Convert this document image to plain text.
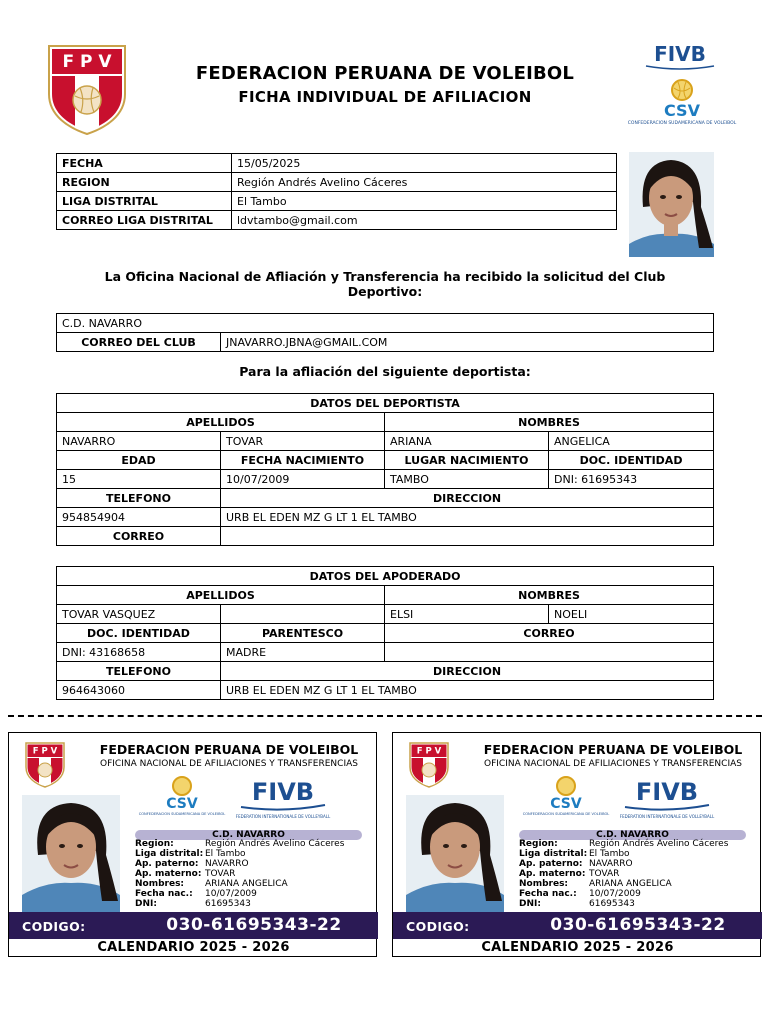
F P V
FEDERACION PERUANA DE VOLEIBOL
FICHA INDIVIDUAL DE AFILIACION
FIVB
CSV
CONFEDERACION SUDAMERICANA DE VOLEIBOL
FECHA	15/05/2025
REGION	Región Andrés Avelino Cáceres
LIGA DISTRITAL	El Tambo
CORREO LIGA DISTRITAL	ldvtambo@gmail.com
La Oficina Nacional de Afliación y Transferencia ha recibido la solicitud del Club Deportivo:
C.D. NAVARRO
CORREO DEL CLUB	JNAVARRO.JBNA@GMAIL.COM
Para la afliación del siguiente deportista:
DATOS DEL DEPORTISTA			
APELLIDOS		NOMBRES	
NAVARRO	TOVAR	ARIANA	ANGELICA
EDAD	FECHA NACIMIENTO	LUGAR NACIMIENTO	DOC. IDENTIDAD
15	10/07/2009	TAMBO	DNI: 61695343
TELEFONO	DIRECCION		
954854904	URB EL EDEN MZ G LT 1 EL TAMBO		
CORREO			
DATOS DEL APODERADO			
APELLIDOS		NOMBRES	
TOVAR VASQUEZ		ELSI	NOELI
DOC. IDENTIDAD	PARENTESCO	CORREO	
DNI: 43168658	MADRE		
TELEFONO	DIRECCION		
964643060	URB EL EDEN MZ G LT 1 EL TAMBO		
F P V	FEDERACION PERUANA DE VOLEIBOL
OFICINA NACIONAL DE AFILIACIONES Y TRANSFERENCIAS
CSV
CONFEDERACION SUDAMERICANA DE VOLEIBOL
FIVB
FEDERATION INTERNATIONALE DE VOLLEYBALL
C.D. NAVARRO
Region:	Región Andrés Avelino Cáceres
Liga distrital: El Tambo
Ap. paterno: NAVARRO
Ap. materno: TOVAR
Nombres:	ARIANA ANGELICA
Fecha nac.:	10/07/2009
DNI:	61695343
CODIGO:	030-61695343-22
CALENDARIO 2025 - 2026
F P V	FEDERACION PERUANA DE VOLEIBOL
OFICINA NACIONAL DE AFILIACIONES Y TRANSFERENCIAS
CSV
CONFEDERACION SUDAMERICANA DE VOLEIBOL
FIVB
FEDERATION INTERNATIONALE DE VOLLEYBALL
C.D. NAVARRO
Region:	Región Andrés Avelino Cáceres
Liga distrital: El Tambo
Ap. paterno: NAVARRO
Ap. materno: TOVAR
Nombres:	ARIANA ANGELICA
Fecha nac.:	10/07/2009
DNI:	61695343
CODIGO:	030-61695343-22
CALENDARIO 2025 - 2026
